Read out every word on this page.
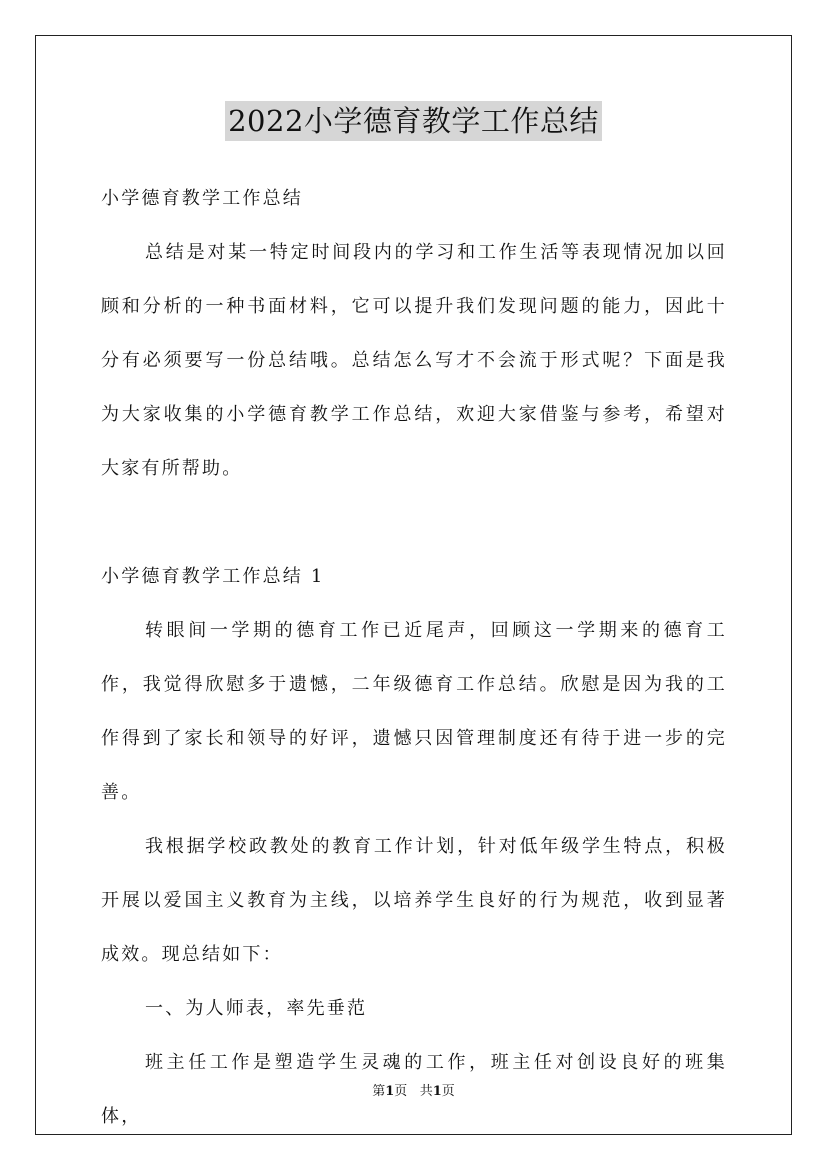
2022小学德育教学工作总结

小学德育教学工作总结

总结是对某一特定时间段内的学习和工作生活等表现情况加以回顾和分析的一种书面材料，它可以提升我们发现问题的能力，因此十分有必须要写一份总结哦。总结怎么写才不会流于形式呢？下面是我为大家收集的小学德育教学工作总结，欢迎大家借鉴与参考，希望对大家有所帮助。

小学德育教学工作总结 1

转眼间一学期的德育工作已近尾声，回顾这一学期来的德育工作，我觉得欣慰多于遗憾，二年级德育工作总结。欣慰是因为我的工作得到了家长和领导的好评，遗憾只因管理制度还有待于进一步的完善。

我根据学校政教处的教育工作计划，针对低年级学生特点，积极开展以爱国主义教育为主线，以培养学生良好的行为规范，收到显著成效。现总结如下：

一、为人师表，率先垂范

班主任工作是塑造学生灵魂的工作，班主任对创设良好的班集体，

第1页 共1页
